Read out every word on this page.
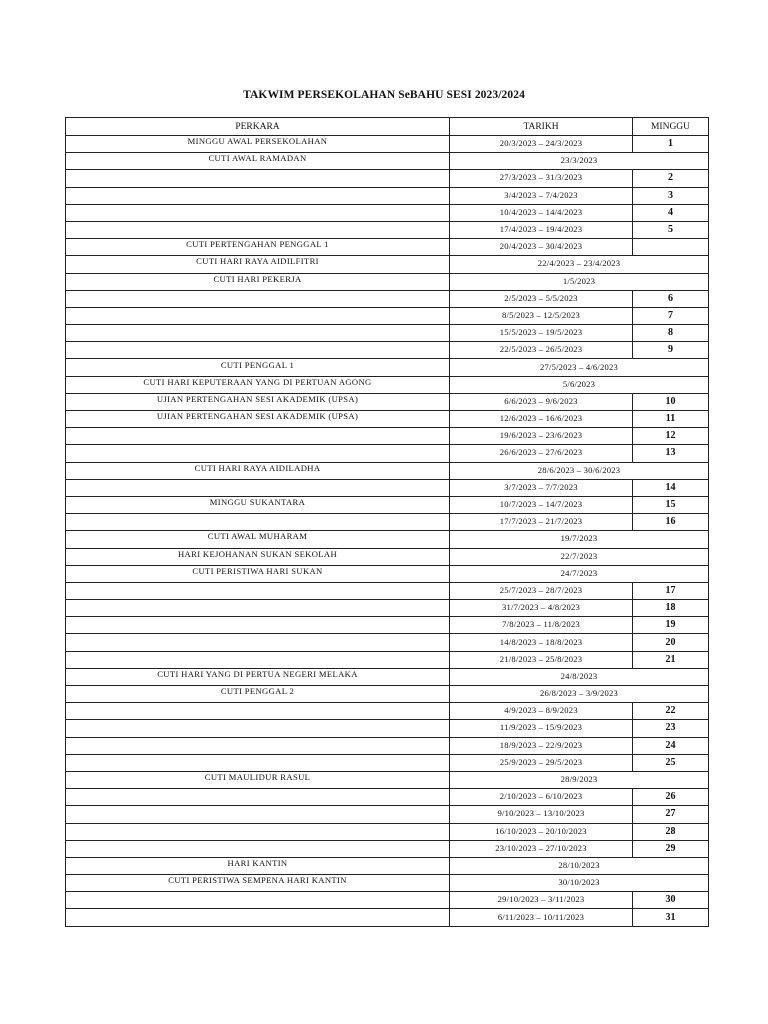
TAKWIM PERSEKOLAHAN SeBAHU SESI 2023/2024
PERKARA	TARIKH	MINGGU
MINGGU AWAL PERSEKOLAHAN	20/3/2023 – 24/3/2023	1
CUTI AWAL RAMADAN	23/3/2023	
	27/3/2023 – 31/3/2023	2
	3/4/2023 – 7/4/2023	3
	10/4/2023 – 14/4/2023	4
	17/4/2023 – 19/4/2023	5
CUTI PERTENGAHAN PENGGAL 1	20/4/2023 – 30/4/2023	
CUTI HARI RAYA AIDILFITRI	22/4/2023 – 23/4/2023	
CUTI HARI PEKERJA	1/5/2023	
	2/5/2023 – 5/5/2023	6
	8/5/2023 – 12/5/2023	7
	15/5/2023 – 19/5/2023	8
	22/5/2023 – 26/5/2023	9
CUTI PENGGAL 1	27/5/2023 – 4/6/2023	
CUTI HARI KEPUTERAAN YANG DI PERTUAN AGONG	5/6/2023	
UJIAN PERTENGAHAN SESI AKADEMIK (UPSA)	6/6/2023 – 9/6/2023	10
UJIAN PERTENGAHAN SESI AKADEMIK (UPSA)	12/6/2023 – 16/6/2023	11
	19/6/2023 – 23/6/2023	12
	26/6/2023 – 27/6/2023	13
CUTI HARI RAYA AIDILADHA	28/6/2023 – 30/6/2023	
	3/7/2023 – 7/7/2023	14
MINGGU SUKANTARA	10/7/2023 – 14/7/2023	15
	17/7/2023 – 21/7/2023	16
CUTI AWAL MUHARAM	19/7/2023	
HARI KEJOHANAN SUKAN SEKOLAH	22/7/2023	
CUTI PERISTIWA HARI SUKAN	24/7/2023	
	25/7/2023 – 28/7/2023	17
	31/7/2023 – 4/8/2023	18
	7/8/2023 – 11/8/2023	19
	14/8/2023 – 18/8/2023	20
	21/8/2023 – 25/8/2023	21
CUTI HARI YANG DI PERTUA NEGERI MELAKA	24/8/2023	
CUTI PENGGAL 2	26/8/2023 – 3/9/2023	
	4/9/2023 – 8/9/2023	22
	11/9/2023 – 15/9/2023	23
	18/9/2023 – 22/9/2023	24
	25/9/2023 – 29/5/2023	25
CUTI MAULIDUR RASUL	28/9/2023	
	2/10/2023 – 6/10/2023	26
	9/10/2023 – 13/10/2023	27
	16/10/2023 – 20/10/2023	28
	23/10/2023 – 27/10/2023	29
HARI KANTIN	28/10/2023	
CUTI PERISTIWA SEMPENA HARI KANTIN	30/10/2023	
	29/10/2023 – 3/11/2023	30
	6/11/2023 – 10/11/2023	31
